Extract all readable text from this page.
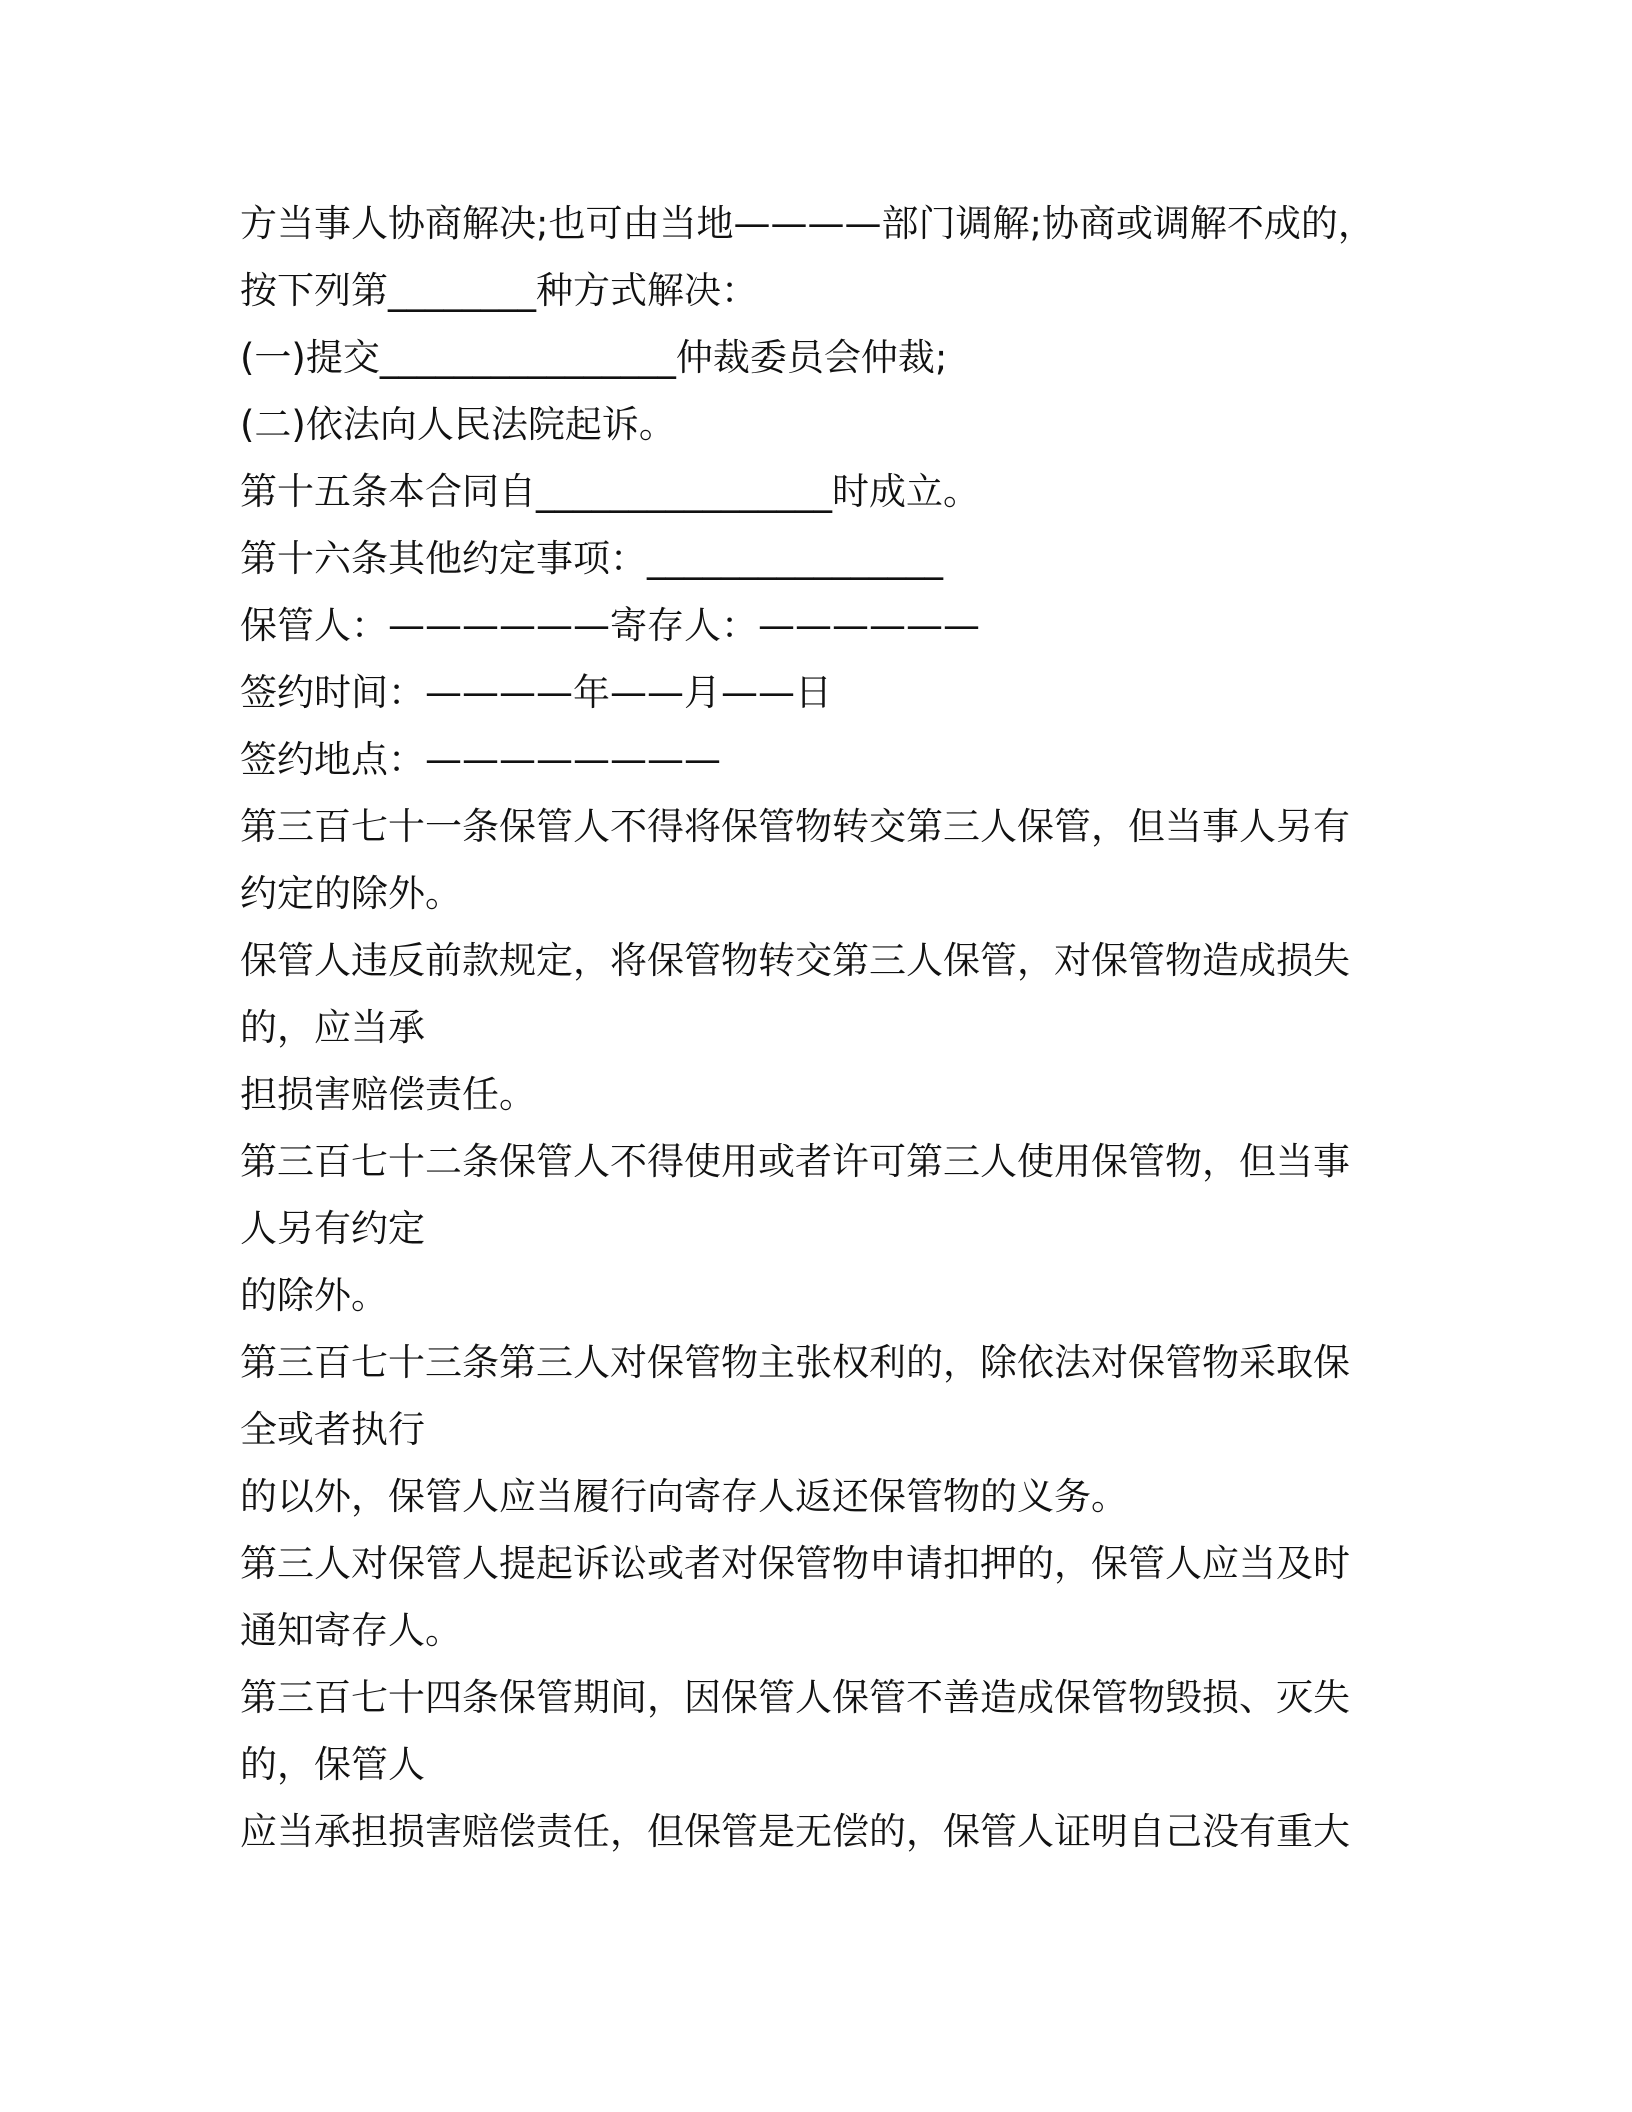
方当事人协商解决;也可由当地————部门调解;协商或调解不成的，
按下列第________种方式解决：
(一)提交________________仲裁委员会仲裁;
(二)依法向人民法院起诉。
第十五条本合同自________________时成立。
第十六条其他约定事项：________________
保管人：——————寄存人：——————
签约时间：————年——月——日
签约地点：————————
第三百七十一条保管人不得将保管物转交第三人保管，但当事人另有
约定的除外。
保管人违反前款规定，将保管物转交第三人保管，对保管物造成损失
的，应当承
担损害赔偿责任。
第三百七十二条保管人不得使用或者许可第三人使用保管物，但当事
人另有约定
的除外。
第三百七十三条第三人对保管物主张权利的，除依法对保管物采取保
全或者执行
的以外，保管人应当履行向寄存人返还保管物的义务。
第三人对保管人提起诉讼或者对保管物申请扣押的，保管人应当及时
通知寄存人。
第三百七十四条保管期间，因保管人保管不善造成保管物毁损、灭失
的，保管人
应当承担损害赔偿责任，但保管是无偿的，保管人证明自己没有重大
